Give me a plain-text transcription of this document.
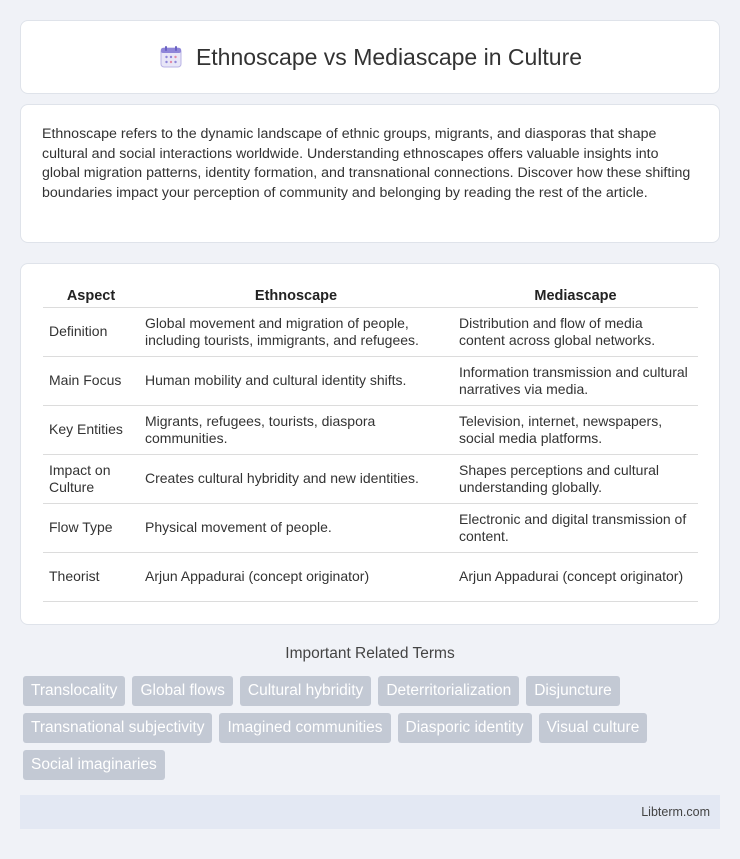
Ethnoscape vs Mediascape in Culture

Ethnoscape refers to the dynamic landscape of ethnic groups, migrants, and diasporas that shape cultural and social interactions worldwide. Understanding ethnoscapes offers valuable insights into global migration patterns, identity formation, and transnational connections. Discover how these shifting boundaries impact your perception of community and belonging by reading the rest of the article.

Aspect	Ethnoscape	Mediascape
Definition	Global movement and migration of people, including tourists, immigrants, and refugees.	Distribution and flow of media content across global networks.
Main Focus	Human mobility and cultural identity shifts.	Information transmission and cultural narratives via media.
Key Entities	Migrants, refugees, tourists, diaspora communities.	Television, internet, newspapers, social media platforms.
Impact on Culture	Creates cultural hybridity and new identities.	Shapes perceptions and cultural understanding globally.
Flow Type	Physical movement of people.	Electronic and digital transmission of content.
Theorist	Arjun Appadurai (concept originator)	Arjun Appadurai (concept originator)
Important Related Terms
Translocality	Global flows	Cultural hybridity	Deterritorialization	Disjuncture
Transnational subjectivity	Imagined communities	Diasporic identity	Visual culture
Social imaginaries
Libterm.com
